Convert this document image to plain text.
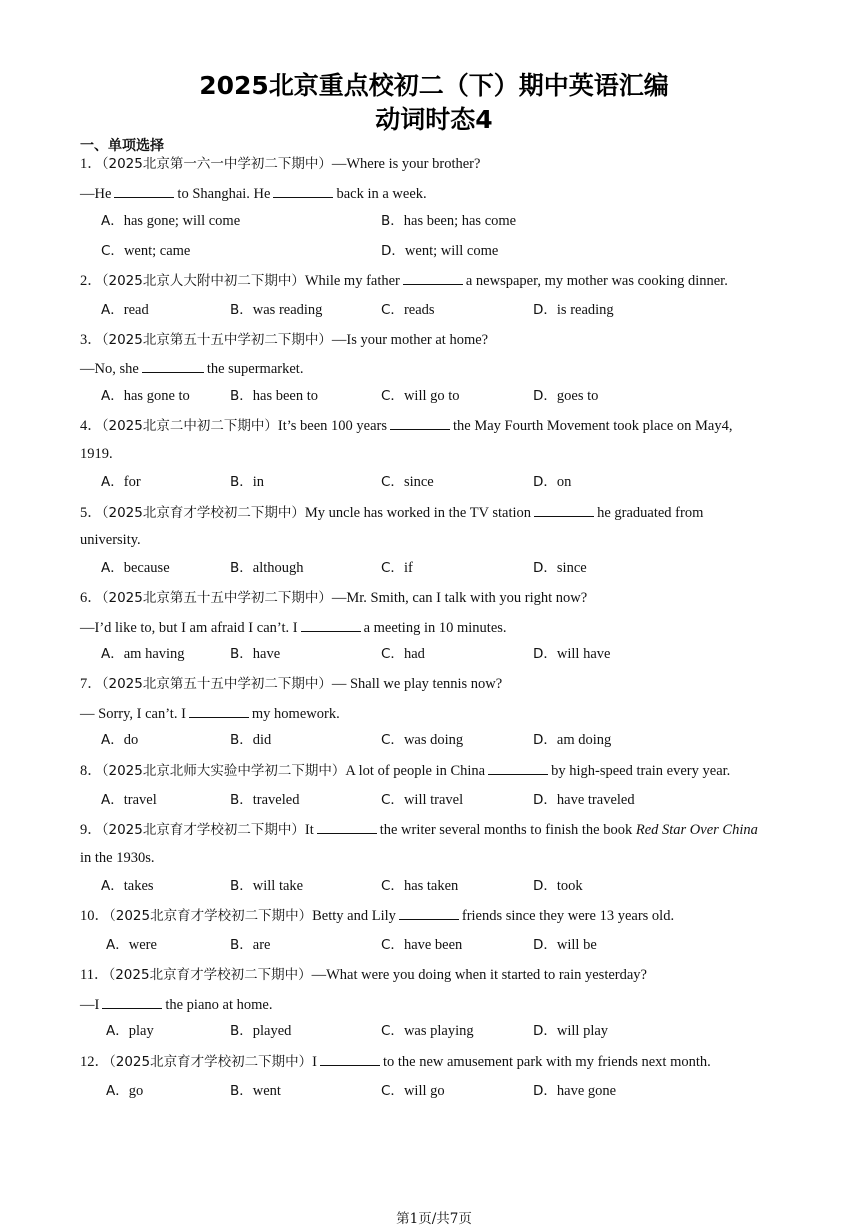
2025北京重点校初二（下）期中英语汇编
动词时态4
一、单项选择
1．（2025北京第一六一中学初二下期中）—Where is your brother?
—He	to Shanghai. He	back in a week.
A．has gone; will come	B．has been; has come
C．went; came	D．went; will come
2．（2025北京人大附中初二下期中）While my father	a newspaper, my mother was cooking dinner.
A．read	B．was reading	C．reads	D．is reading
3．（2025北京第五十五中学初二下期中）—Is your mother at home?
—No, she	the supermarket.
A．has gone to	B．has been to	C．will go to	D．goes to
4．（2025北京二中初二下期中）It’s been 100 years	the May Fourth Movement took place on May4,
1919.
A．for	B．in	C．since	D．on
5．（2025北京育才学校初二下期中）My uncle has worked in the TV station	he graduated from
university.
A．because	B．although	C．if	D．since
6．（2025北京第五十五中学初二下期中）—Mr. Smith, can I talk with you right now?
—I’d like to, but I am afraid I can’t. I	a meeting in 10 minutes.
A．am having	B．have	C．had	D．will have
7．（2025北京第五十五中学初二下期中）— Shall we play tennis now?
— Sorry, I can’t. I	my homework.
A．do	B．did	C．was doing	D．am doing
8．（2025北京北师大实验中学初二下期中）A lot of people in China	by high-speed train every year.
A．travel	B．traveled	C．will travel	D．have traveled
9．（2025北京育才学校初二下期中）It	the writer several months to finish the book Red Star Over China
in the 1930s.
A．takes	B．will take	C．has taken	D．took
10．（2025北京育才学校初二下期中）Betty and Lily	friends since they were 13 years old.
A．were	B．are	C．have been	D．will be
11．（2025北京育才学校初二下期中）—What were you doing when it started to rain yesterday?
—I	the piano at home.
A．play	B．played	C．was playing	D．will play
12．（2025北京育才学校初二下期中）I	to the new amusement park with my friends next month.
A．go	B．went	C．will go	D．have gone
第1页/共7页
